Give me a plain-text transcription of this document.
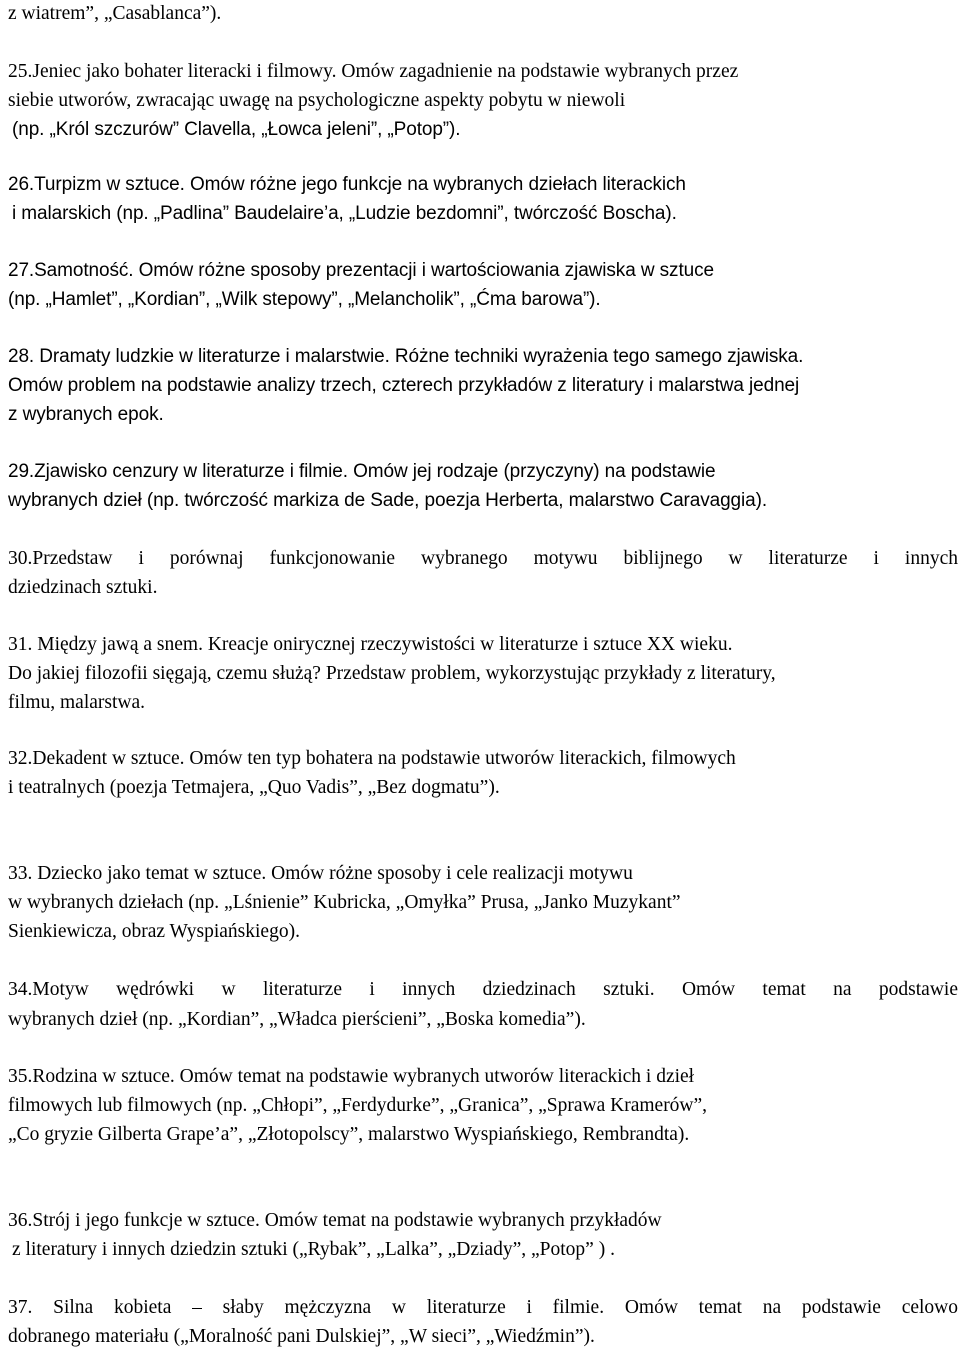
z wiatrem”, „Casablanca”).
25.Jeniec jako bohater literacki i filmowy. Omów zagadnienie na podstawie wybranych przez
siebie utworów, zwracając uwagę na psychologiczne aspekty pobytu w niewoli
(np. „Król szczurów” Clavella, „Łowca jeleni”, „Potop”).
26.Turpizm w sztuce. Omów różne jego funkcje na wybranych dziełach literackich
i malarskich (np. „Padlina” Baudelaire’a, „Ludzie bezdomni”, twórczość Boscha).
27.Samotność. Omów różne sposoby prezentacji i wartościowania zjawiska w sztuce
(np. „Hamlet”, „Kordian”, „Wilk stepowy”, „Melancholik”, „Ćma barowa”).
28. Dramaty ludzkie w literaturze i malarstwie. Różne techniki wyrażenia tego samego zjawiska.
Omów problem na podstawie analizy trzech, czterech przykładów z literatury i malarstwa jednej
z wybranych epok.
29.Zjawisko cenzury w literaturze i filmie. Omów jej rodzaje (przyczyny) na podstawie
wybranych dzieł (np. twórczość markiza de Sade, poezja Herberta, malarstwo Caravaggia).
30.Przedstaw i porównaj funkcjonowanie wybranego motywu biblijnego w literaturze i innych
dziedzinach sztuki.
31. Między jawą a snem. Kreacje onirycznej rzeczywistości w literaturze i sztuce XX wieku.
Do jakiej filozofii sięgają, czemu służą? Przedstaw problem, wykorzystując przykłady z literatury,
filmu, malarstwa.
32.Dekadent w sztuce. Omów ten typ bohatera na podstawie utworów literackich, filmowych
i teatralnych (poezja Tetmajera, „Quo Vadis”, „Bez dogmatu”).
33. Dziecko jako temat w sztuce. Omów różne sposoby i cele realizacji motywu
w wybranych dziełach (np. „Lśnienie” Kubricka, „Omyłka” Prusa, „Janko Muzykant”
Sienkiewicza, obraz Wyspiańskiego).
34.Motyw wędrówki w literaturze i innych dziedzinach sztuki. Omów temat na podstawie
wybranych dzieł (np. „Kordian”, „Władca pierścieni”, „Boska komedia”).
35.Rodzina w sztuce. Omów temat na podstawie wybranych utworów literackich i dzieł
filmowych lub filmowych (np. „Chłopi”, „Ferdydurke”, „Granica”, „Sprawa Kramerów”,
„Co gryzie Gilberta Grape’a”, „Złotopolscy”, malarstwo Wyspiańskiego, Rembrandta).
36.Strój i jego funkcje w sztuce. Omów temat na podstawie wybranych przykładów
z literatury i innych dziedzin sztuki („Rybak”, „Lalka”, „Dziady”, „Potop” ) .
37. Silna kobieta – słaby mężczyzna w literaturze i filmie. Omów temat na podstawie celowo
dobranego materiału („Moralność pani Dulskiej”, „W sieci”, „Wiedźmin”).
